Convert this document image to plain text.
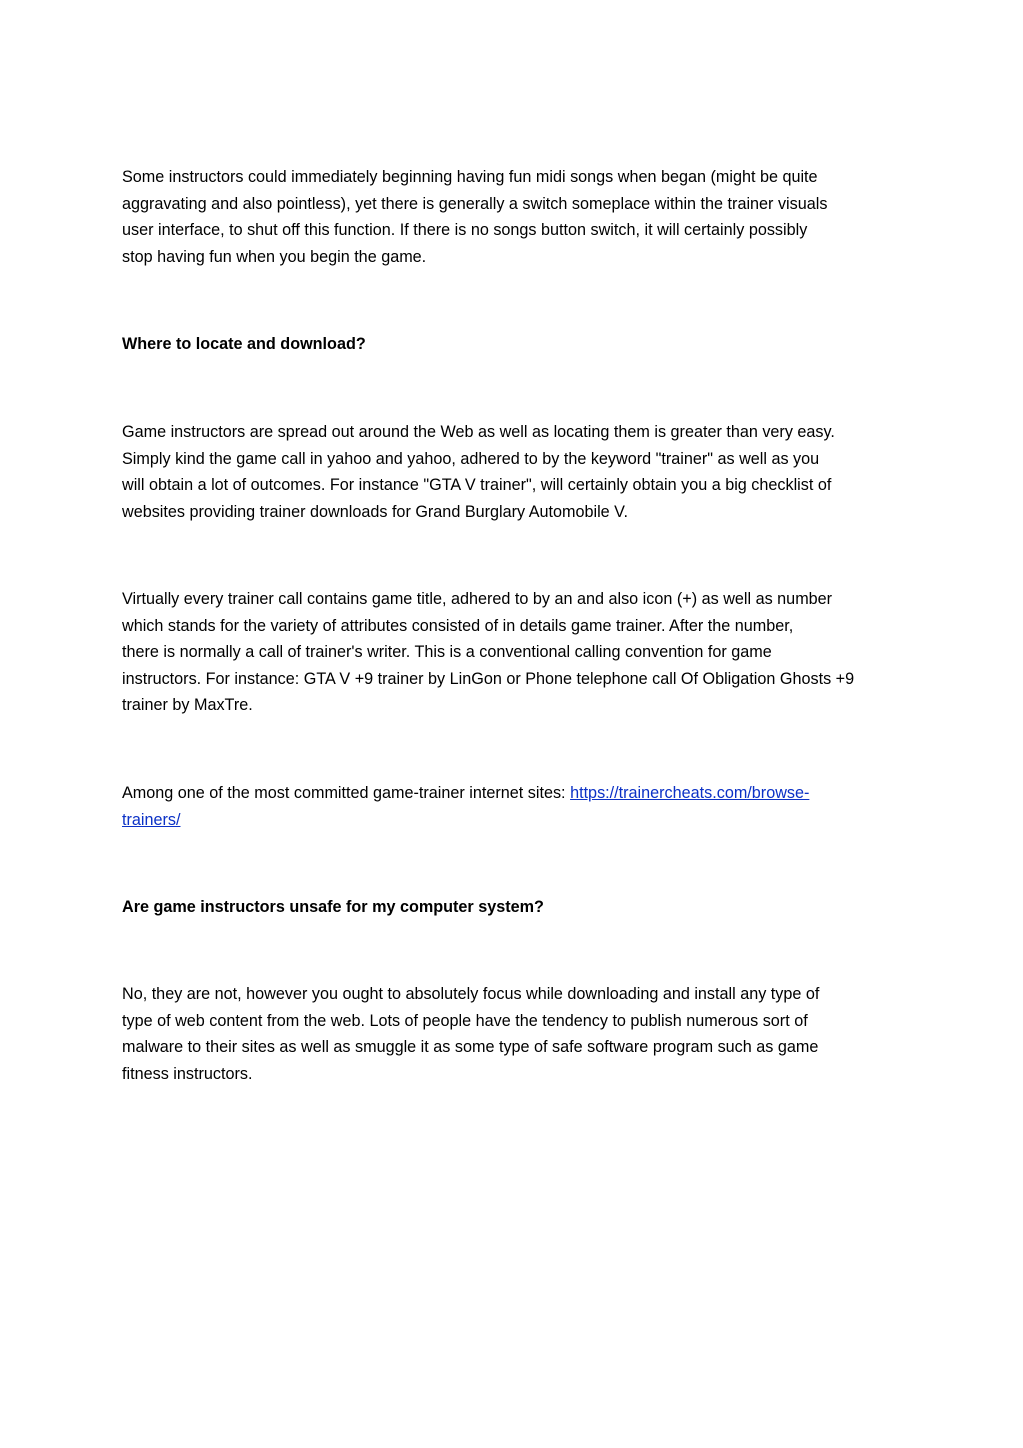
Some instructors could immediately beginning having fun midi songs when began (might be quite
aggravating and also pointless), yet there is generally a switch someplace within the trainer visuals
user interface, to shut off this function. If there is no songs button switch, it will certainly possibly
stop having fun when you begin the game.

Where to locate and download?

Game instructors are spread out around the Web as well as locating them is greater than very easy.
Simply kind the game call in yahoo and yahoo, adhered to by the keyword "trainer" as well as you
will obtain a lot of outcomes. For instance "GTA V trainer", will certainly obtain you a big checklist of
websites providing trainer downloads for Grand Burglary Automobile V.

Virtually every trainer call contains game title, adhered to by an and also icon (+) as well as number
which stands for the variety of attributes consisted of in details game trainer. After the number,
there is normally a call of trainer's writer. This is a conventional calling convention for game
instructors. For instance: GTA V +9 trainer by LinGon or Phone telephone call Of Obligation Ghosts +9
trainer by MaxTre.

Among one of the most committed game-trainer internet sites: https://trainercheats.com/browse-
trainers/

Are game instructors unsafe for my computer system?

No, they are not, however you ought to absolutely focus while downloading and install any type of
type of web content from the web. Lots of people have the tendency to publish numerous sort of
malware to their sites as well as smuggle it as some type of safe software program such as game
fitness instructors.
